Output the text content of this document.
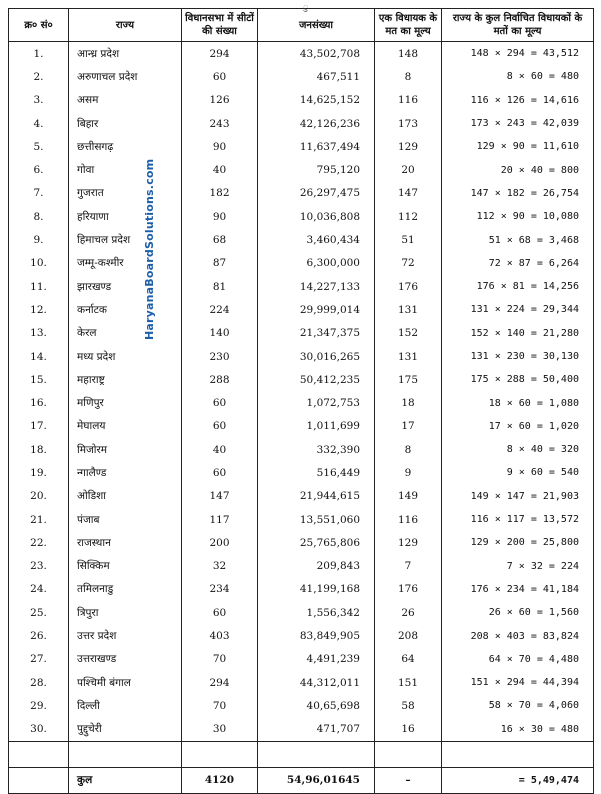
ु
क्र० सं०	राज्य	विधानसभा में सीटों की संख्या	जनसंख्या	एक विधायक के मत का मूल्य	राज्य के कुल निर्वाचित विधायकों के मतों का मूल्य
1.	आन्ध्र प्रदेश	294	43,502,708	148	148 × 294 = 43,512
2.	अरुणाचल प्रदेश	60	467,511	8	8 × 60 = 480
3.	असम	126	14,625,152	116	116 × 126 = 14,616
4.	बिहार	243	42,126,236	173	173 × 243 = 42,039
5.	छत्तीसगढ़	90	11,637,494	129	129 × 90 = 11,610
6.	गोवा	40	795,120	20	20 × 40 = 800
7.	गुजरात	182	26,297,475	147	147 × 182 = 26,754
8.	हरियाणा	90	10,036,808	112	112 × 90 = 10,080
9.	हिमाचल प्रदेश	68	3,460,434	51	51 × 68 = 3,468
10.	जम्मू-कश्मीर	87	6,300,000	72	72 × 87 = 6,264
11.	झारखण्ड	81	14,227,133	176	176 × 81 = 14,256
12.	कर्नाटक	224	29,999,014	131	131 × 224 = 29,344
13.	केरल	140	21,347,375	152	152 × 140 = 21,280
14.	मध्य प्रदेश	230	30,016,265	131	131 × 230 = 30,130
15.	महाराष्ट्र	288	50,412,235	175	175 × 288 = 50,400
16.	मणिपुर	60	1,072,753	18	18 × 60 = 1,080
17.	मेघालय	60	1,011,699	17	17 × 60 = 1,020
18.	मिजोरम	40	332,390	8	8 × 40 = 320
19.	न्गालैण्ड	60	516,449	9	9 × 60 = 540
20.	ओडिशा	147	21,944,615	149	149 × 147 = 21,903
21.	पंजाब	117	13,551,060	116	116 × 117 = 13,572
22.	राजस्थान	200	25,765,806	129	129 × 200 = 25,800
23.	सिक्किम	32	209,843	7	7 × 32 = 224
24.	तमिलनाडु	234	41,199,168	176	176 × 234 = 41,184
25.	त्रिपुरा	60	1,556,342	26	26 × 60 = 1,560
26.	उत्तर प्रदेश	403	83,849,905	208	208 × 403 = 83,824
27.	उत्तराखण्ड	70	4,491,239	64	64 × 70 = 4,480
28.	पश्चिमी बंगाल	294	44,312,011	151	151 × 294 = 44,394
29.	दिल्ली	70	40,65,698	58	58 × 70 = 4,060
30.	पुद्दुचेरी	30	471,707	16	16 × 30 = 480

	कुल	4120	54,96,01645	–	= 5,49,474
HaryanaBoardSolutions.com
